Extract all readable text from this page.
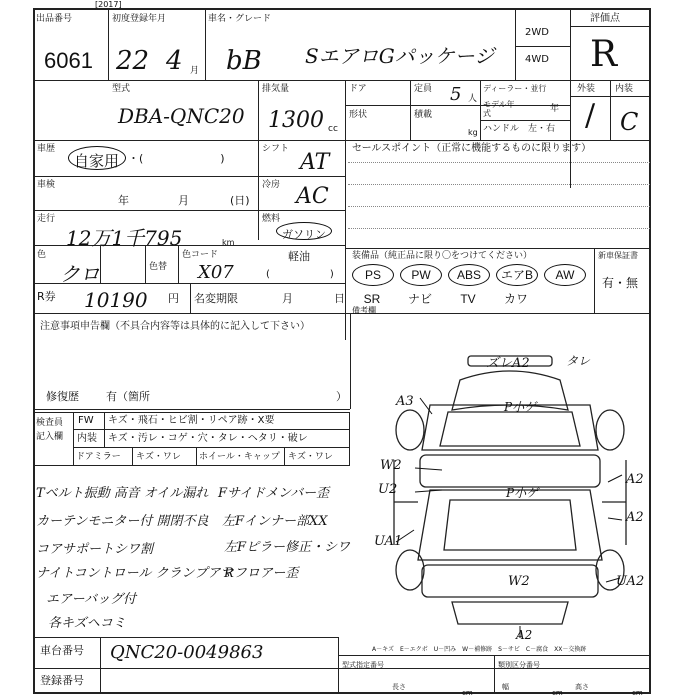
[2017]
出品番号
6061
初度登録年月
22 4 月
車名・グレード
bB SエアロGパッケージ
2WD
4WD
評価点
R
型式
DBA-QNC20
排気量
1300 cc
ドア	定員 5 人
形状	積載
kg
ディーラー・並行
モデル年式	年
ハンドル 左・右
外装 内装
/ C
車歴
自家用 ・(　　　　　　　)
シフト
AT
セールスポイント（正常に機能するものに限ります）
車検
年	月	(日)
冷房 AC
走行
12万1千795	km
燃料
ガソリン
軽油
(　　　　　　)
色
クロ	色替
色コード
X07
装備品（純正品に限り〇をつけてください）	新車保証書
有・無
PS	PW	ABS	エアB	AW
SR	ナビ	TV	カワ
R券 10190 円 名変期限	月	日
備考欄
注意事項申告欄（不具合内容等は具体的に記入して下さい）
修復歴 有（箇所	）
検査員
記入欄
FW キズ・飛石・ヒビ割・リペア跡・X要
内装 キズ・汚レ・コゲ・穴・タレ・ヘタリ・破レ
ドアミラー キズ・ワレ ホイール・キャップ キズ・ワレ
Tベルト振動 高音 オイル漏れ
カーテンモニター付 開閉不良
コアサポートシワ割
ナイトコントロール クランプアマ
エアーバッグ付
各キズヘコミ
Fサイドメンバー歪
左Fインナー部XX
左Fピラー修正・シワ
Rフロアー歪
ズレA2	タレ
A3	P小ゲ
W2
U2	P小ゲ
A2
A2
UA1
W2	UA2
A2
A－キズ　E－エクボ　U－凹み　W－補修跡　S－サビ　C－腐食　XX－交換跡
車台番号 QNC20-0049863
登録番号
型式指定番号	類別区分番号
長さ
cm
幅
cm
高さ
cm
